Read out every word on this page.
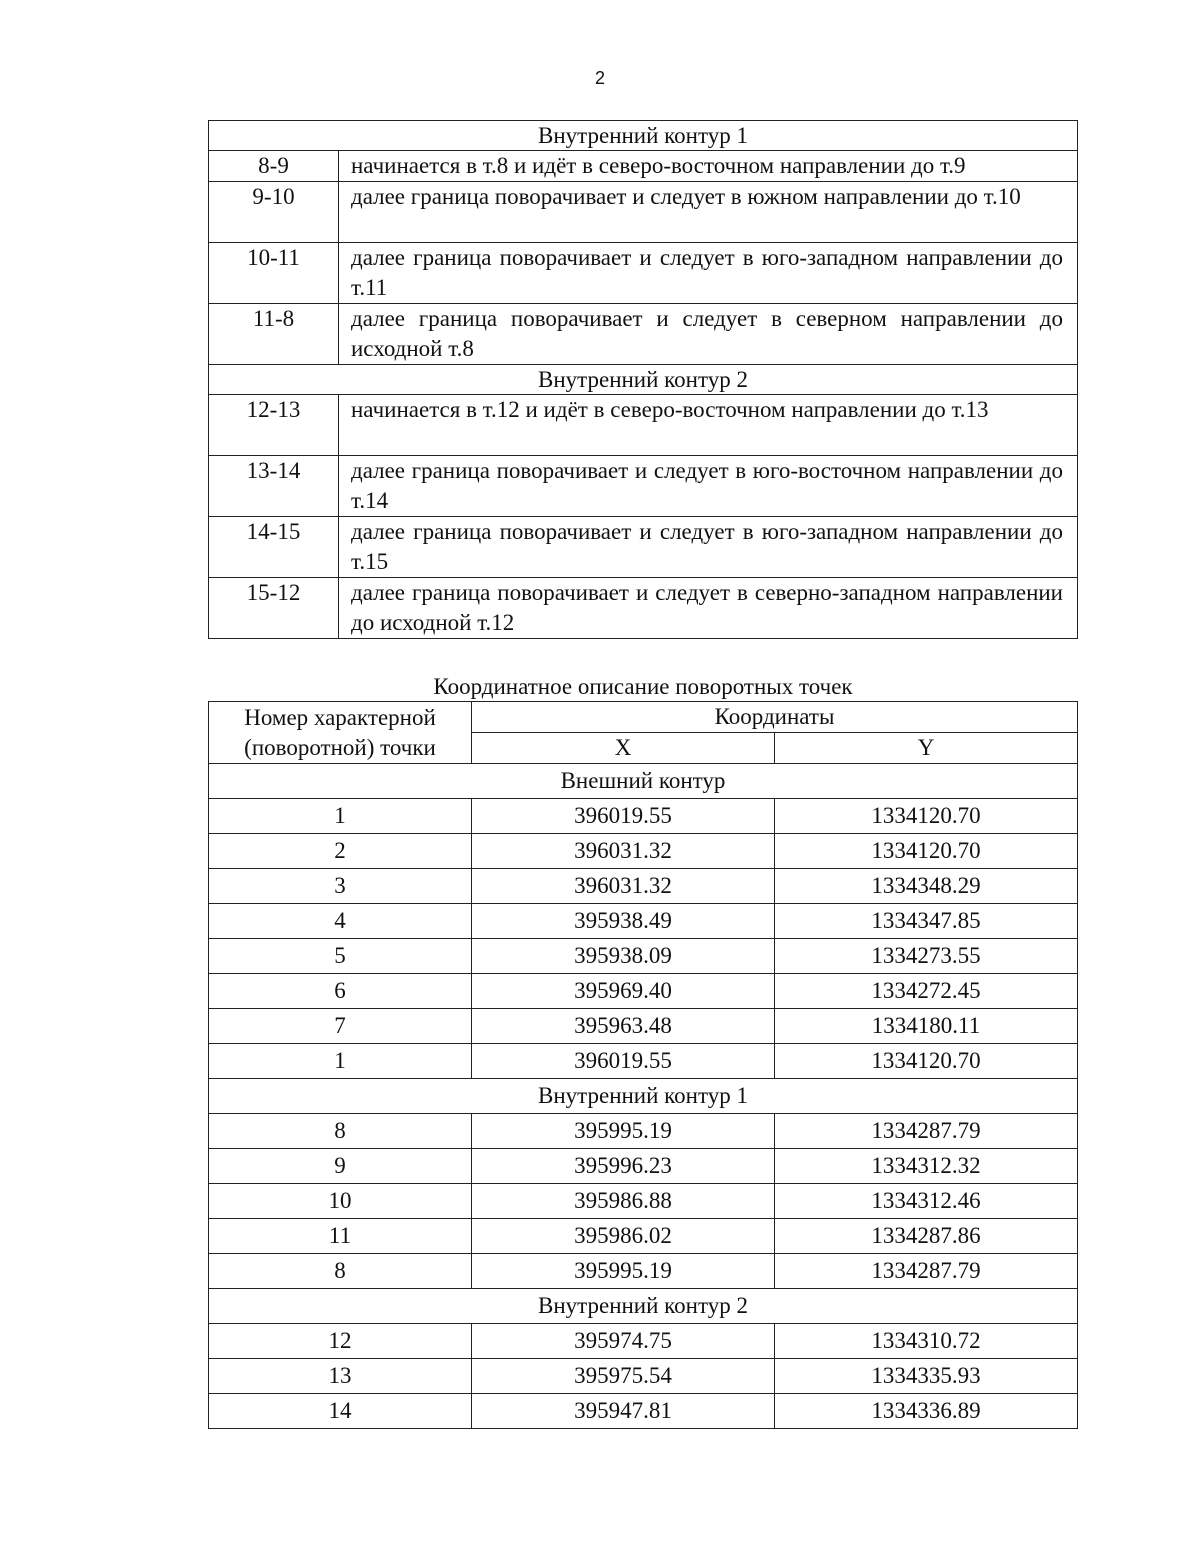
2
Внутренний контур 1	
8-9	начинается в т.8 и идёт в северо-восточном направлении до т.9
9-10	далее граница поворачивает и следует в южном направлении до т.10
10-11	далее граница поворачивает и следует в юго-западном направлении до т.11
11-8	далее граница поворачивает и следует в северном направлении до исходной т.8
Внутренний контур 2	
12-13	начинается в т.12 и идёт в северо-восточном направлении до т.13
13-14	далее граница поворачивает и следует в юго-восточном направлении до т.14
14-15	далее граница поворачивает и следует в юго-западном направлении до т.15
15-12	далее граница поворачивает и следует в северно-западном направлении до исходной т.12
Координатное описание поворотных точек
Номер характерной (поворотной) точки	Координаты	
	X	Y
Внешний контур		
1	396019.55	1334120.70
2	396031.32	1334120.70
3	396031.32	1334348.29
4	395938.49	1334347.85
5	395938.09	1334273.55
6	395969.40	1334272.45
7	395963.48	1334180.11
1	396019.55	1334120.70
Внутренний контур 1		
8	395995.19	1334287.79
9	395996.23	1334312.32
10	395986.88	1334312.46
11	395986.02	1334287.86
8	395995.19	1334287.79
Внутренний контур 2		
12	395974.75	1334310.72
13	395975.54	1334335.93
14	395947.81	1334336.89
